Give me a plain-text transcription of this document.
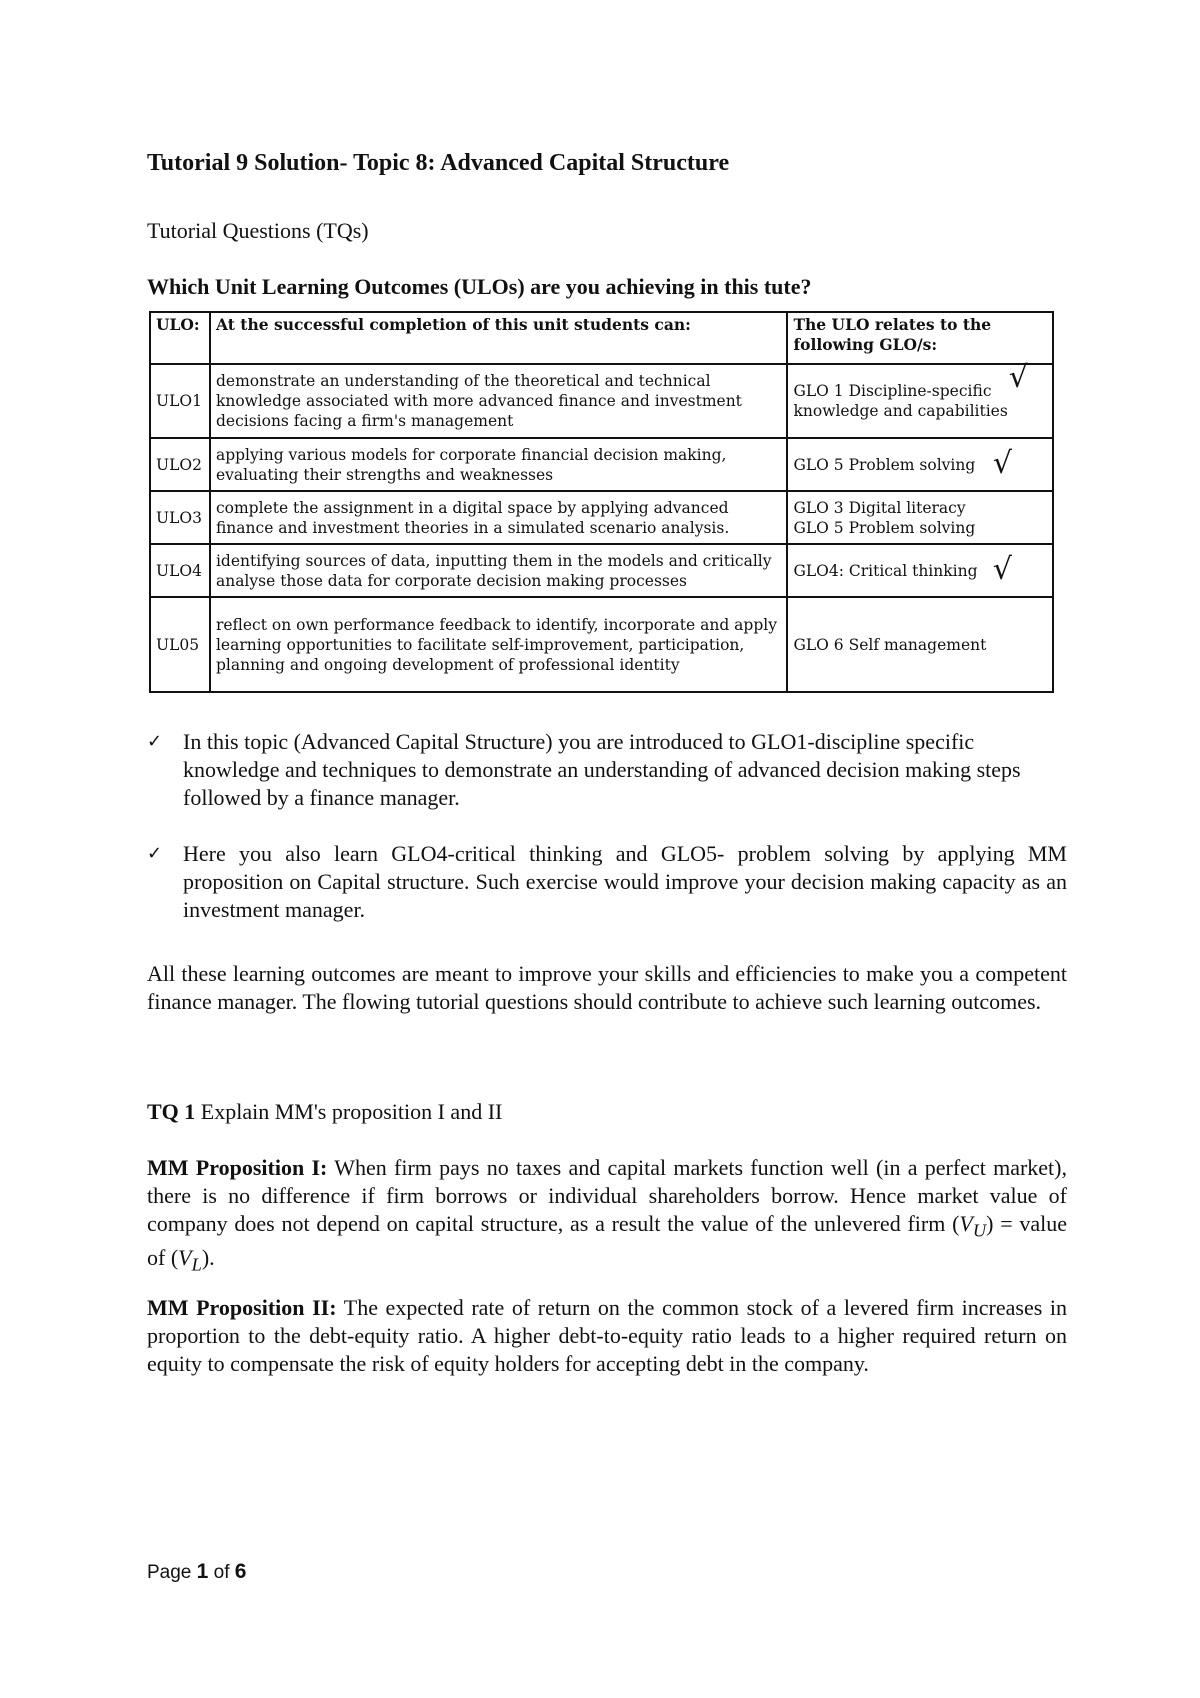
Tutorial 9 Solution- Topic 8: Advanced Capital Structure
Tutorial Questions (TQs)
Which Unit Learning Outcomes (ULOs) are you achieving in this tute?
ULO:	At the successful completion of this unit students can:	The ULO relates to the following GLO/s:
ULO1	demonstrate an understanding of the theoretical and technical knowledge associated with more advanced finance and investment decisions facing a firm's management	GLO 1 Discipline-specific knowledge and capabilities
√

ULO2	applying various models for corporate financial decision making, evaluating their strengths and weaknesses	GLO 5 Problem solving √

ULO3	complete the assignment in a digital space by applying advanced finance and investment theories in a simulated scenario analysis.	GLO 3 Digital literacy
GLO 5 Problem solving

ULO4	identifying sources of data, inputting them in the models and critically analyse those data for corporate decision making processes	GLO4: Critical thinking √

UL05	reflect on own performance feedback to identify, incorporate and apply learning opportunities to facilitate self-improvement, participation, planning and ongoing development of professional identity	GLO 6 Self management
✓ In this topic (Advanced Capital Structure) you are introduced to GLO1-discipline specific knowledge and techniques to demonstrate an understanding of advanced decision making steps followed by a finance manager.
✓ Here you also learn GLO4-critical thinking and GLO5- problem solving by applying MM proposition on Capital structure. Such exercise would improve your decision making capacity as an investment manager.
All these learning outcomes are meant to improve your skills and efficiencies to make you a competent finance manager. The flowing tutorial questions should contribute to achieve such learning outcomes.
TQ 1 Explain MM's proposition I and II
MM Proposition I: When firm pays no taxes and capital markets function well (in a perfect market), there is no difference if firm borrows or individual shareholders borrow. Hence market value of company does not depend on capital structure, as a result the value of the unlevered firm $(V_U)$ = value of $(V_L)$.
MM Proposition II: The expected rate of return on the common stock of a levered firm increases in proportion to the debt-equity ratio. A higher debt-to-equity ratio leads to a higher required return on equity to compensate the risk of equity holders for accepting debt in the company.
Page 1 of 6
